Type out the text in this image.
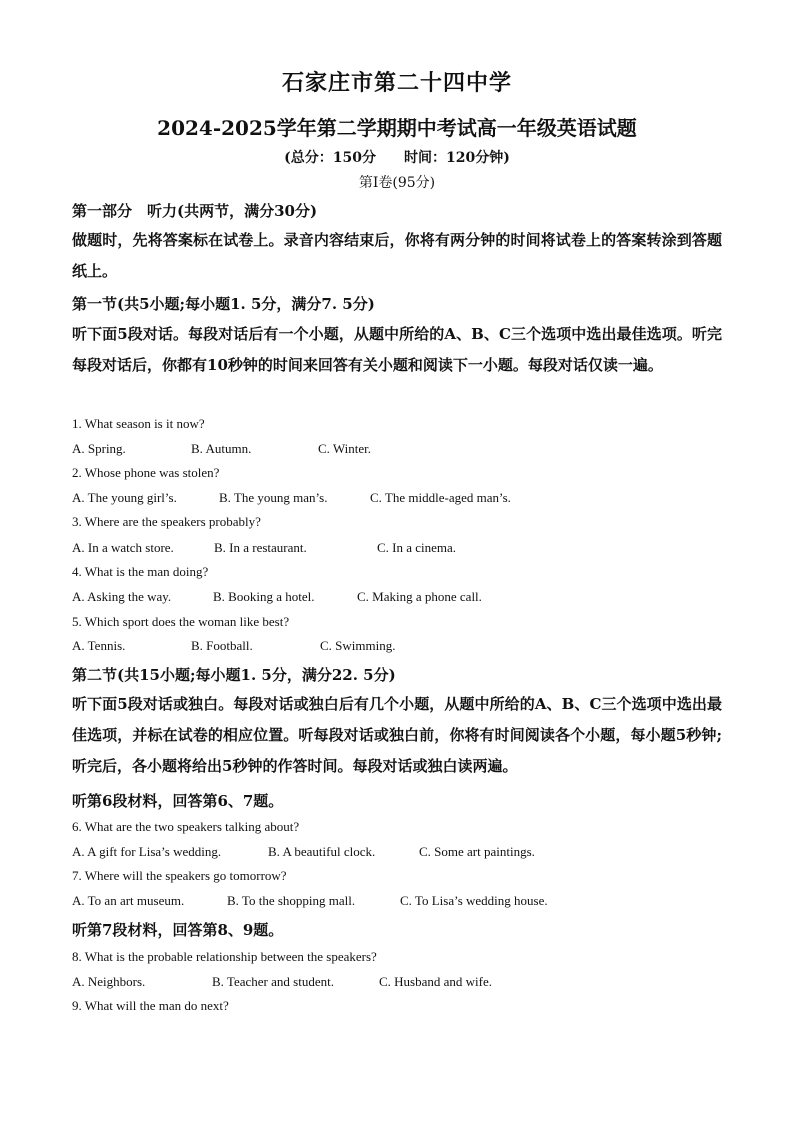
石家庄市第二十四中学
2024-2025学年第二学期期中考试高一年级英语试题
(总分：150分 时间：120分钟)
第Ⅰ卷(95分)
第一部分　听力(共两节，满分30分)
做题时，先将答案标在试卷上。录音内容结束后，你将有两分钟的时间将试卷上的答案转涂到答题纸上。
第一节(共5小题;每小题1. 5分，满分7. 5分)
听下面5段对话。每段对话后有一个小题，从题中所给的A、B、C三个选项中选出最佳选项。听完每段对话后，你都有10秒钟的时间来回答有关小题和阅读下一小题。每段对话仅读一遍。
1. What season is it now?
A. Spring.	B. Autumn.	C. Winter.
2. Whose phone was stolen?
A. The young girl’s.	B. The young man’s.	C. The middle-aged man’s.
3. Where are the speakers probably?
A. In a watch store.	B. In a restaurant.	C. In a cinema.
4. What is the man doing?
A. Asking the way.	B. Booking a hotel.	C. Making a phone call.
5. Which sport does the woman like best?
A. Tennis.	B. Football.	C. Swimming.
第二节(共15小题;每小题1. 5分，满分22. 5分)
听下面5段对话或独白。每段对话或独白后有几个小题，从题中所给的A、B、C三个选项中选出最佳选项，并标在试卷的相应位置。听每段对话或独白前，你将有时间阅读各个小题，每小题5秒钟;听完后，各小题将给出5秒钟的作答时间。每段对话或独白读两遍。
听第6段材料，回答第6、7题。
6. What are the two speakers talking about?
A. A gift for Lisa’s wedding.	B. A beautiful clock.	C. Some art paintings.
7. Where will the speakers go tomorrow?
A. To an art museum.	B. To the shopping mall.	C. To Lisa’s wedding house.
听第7段材料，回答第8、9题。
8. What is the probable relationship between the speakers?
A. Neighbors.	B. Teacher and student.	C. Husband and wife.
9. What will the man do next?
